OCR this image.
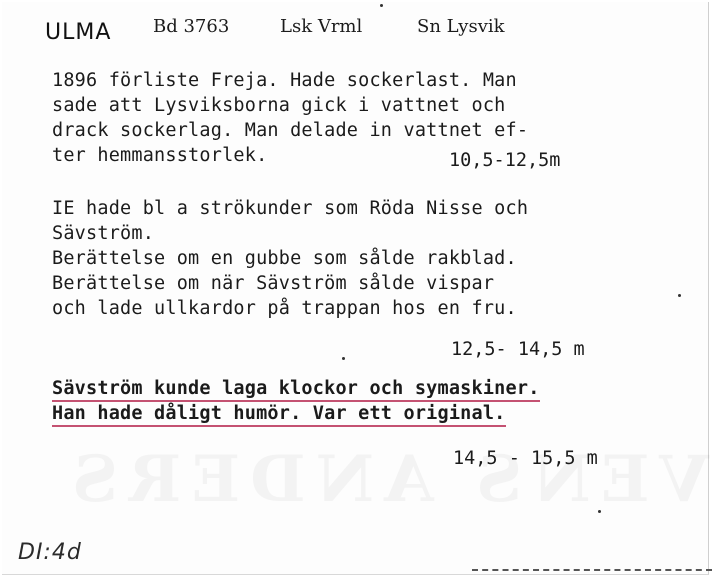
ULMA Bd 3763	Lsk Vrml	Sn Lysvik
1896 förliste Freja. Hade sockerlast. Man
sade att Lysviksborna gick i vattnet och
drack sockerlag. Man delade in vattnet ef-
ter hemmansstorlek.	10,5-12,5m
IE hade bl a strökunder som Röda Nisse och
Sävström.
Berättelse om en gubbe som sålde rakblad.
Berättelse om när Sävström sålde vispar
och lade ullkardor på trappan hos en fru.
12,5- 14,5 m
Sävström kunde laga klockor och symaskiner.
Han hade dåligt humör. Var ett original.
14,5 - 15,5 m
DI:4d
